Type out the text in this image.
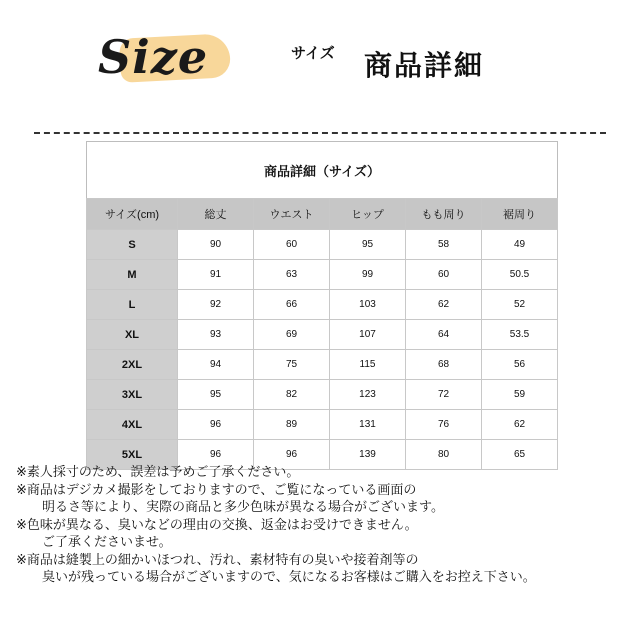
Size	サイズ 商品詳細
商品詳細（サイズ）
サイズ(cm)	総丈	ウエスト	ヒップ	もも周り	裾周り
S	90	60	95	58	49
M	91	63	99	60	50.5
L	92	66	103	62	52
XL	93	69	107	64	53.5
2XL	94	75	115	68	56
3XL	95	82	123	72	59
4XL	96	89	131	76	62
5XL	96	96	139	80	65
※素人採寸のため、誤差は予めご了承ください。
※商品はデジカメ撮影をしておりますので、ご覧になっている画面の
明るさ等により、実際の商品と多少色味が異なる場合がございます。
※色味が異なる、臭いなどの理由の交換、返金はお受けできません。
ご了承くださいませ。
※商品は縫製上の細かいほつれ、汚れ、素材特有の臭いや接着剤等の
臭いが残っている場合がございますので、気になるお客様はご購入をお控え下さい。
